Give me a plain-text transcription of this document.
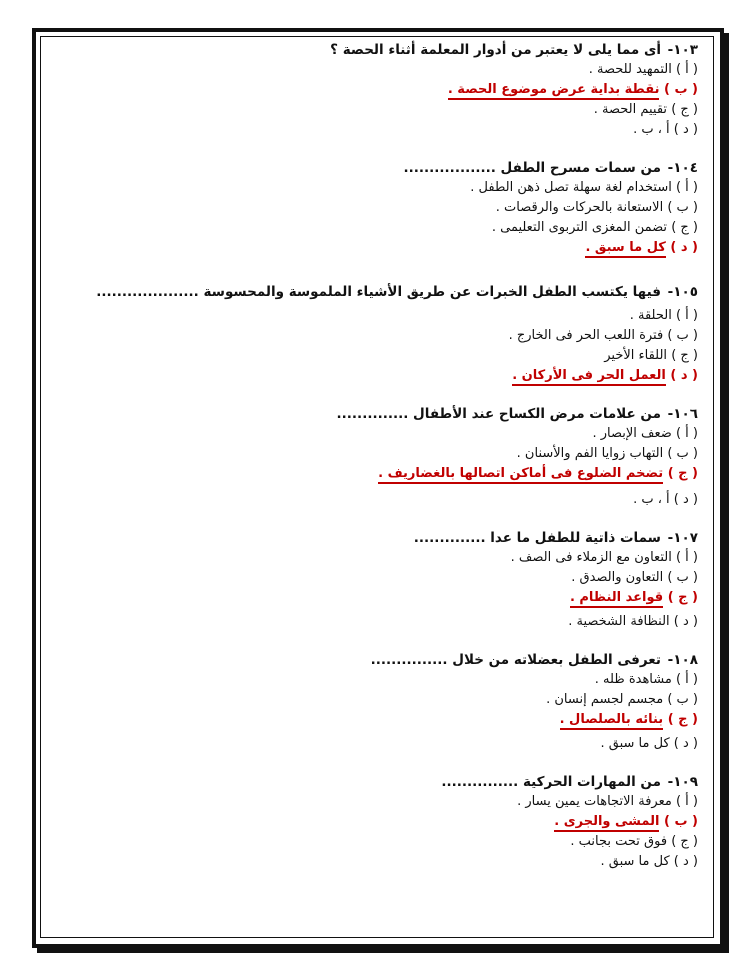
١٠٣- أى مما يلى لا يعتبر من أدوار المعلمة أثناء الحصة ؟
( أ ) التمهيد للحصة .
( ب ) نقطة بداية عرض موضوع الحصة .
( ج ) تقييم الحصة .
( د ) أ ، ب .
١٠٤- من سمات مسرح الطفل ..................
( أ ) استخدام لغة سهلة تصل ذهن الطفل .
( ب ) الاستعانة بالحركات والرقصات .
( ج ) تضمن المغزى التربوى التعليمى .
( د ) كل ما سبق .
١٠٥- فيها يكتسب الطفل الخبرات عن طريق الأشياء الملموسة والمحسوسة ....................
( أ ) الحلقة .
( ب ) فترة اللعب الحر فى الخارج .
( ج ) اللقاء الأخير
( د ) العمل الحر فى الأركان .
١٠٦- من علامات مرض الكساح عند الأطفال ..............
( أ ) ضعف الإبصار .
( ب ) التهاب زوايا الفم والأسنان .
( ج ) تضخم الضلوع فى أماكن اتصالها بالغضاريف .
( د ) أ ، ب .
١٠٧- سمات ذاتية للطفل ما عدا ..............
( أ ) التعاون مع الزملاء فى الصف .
( ب ) التعاون والصدق .
( ج ) قواعد النظام .
( د ) النظافة الشخصية .
١٠٨- تعرفى الطفل بعضلاته من خلال ...............
( أ ) مشاهدة ظله .
( ب ) مجسم لجسم إنسان .
( ج ) بنائه بالصلصال .
( د ) كل ما سبق .
١٠٩- من المهارات الحركية ...............
( أ ) معرفة الاتجاهات يمين يسار .
( ب ) المشى والجرى .
( ج ) فوق تحت بجانب .
( د ) كل ما سبق .
